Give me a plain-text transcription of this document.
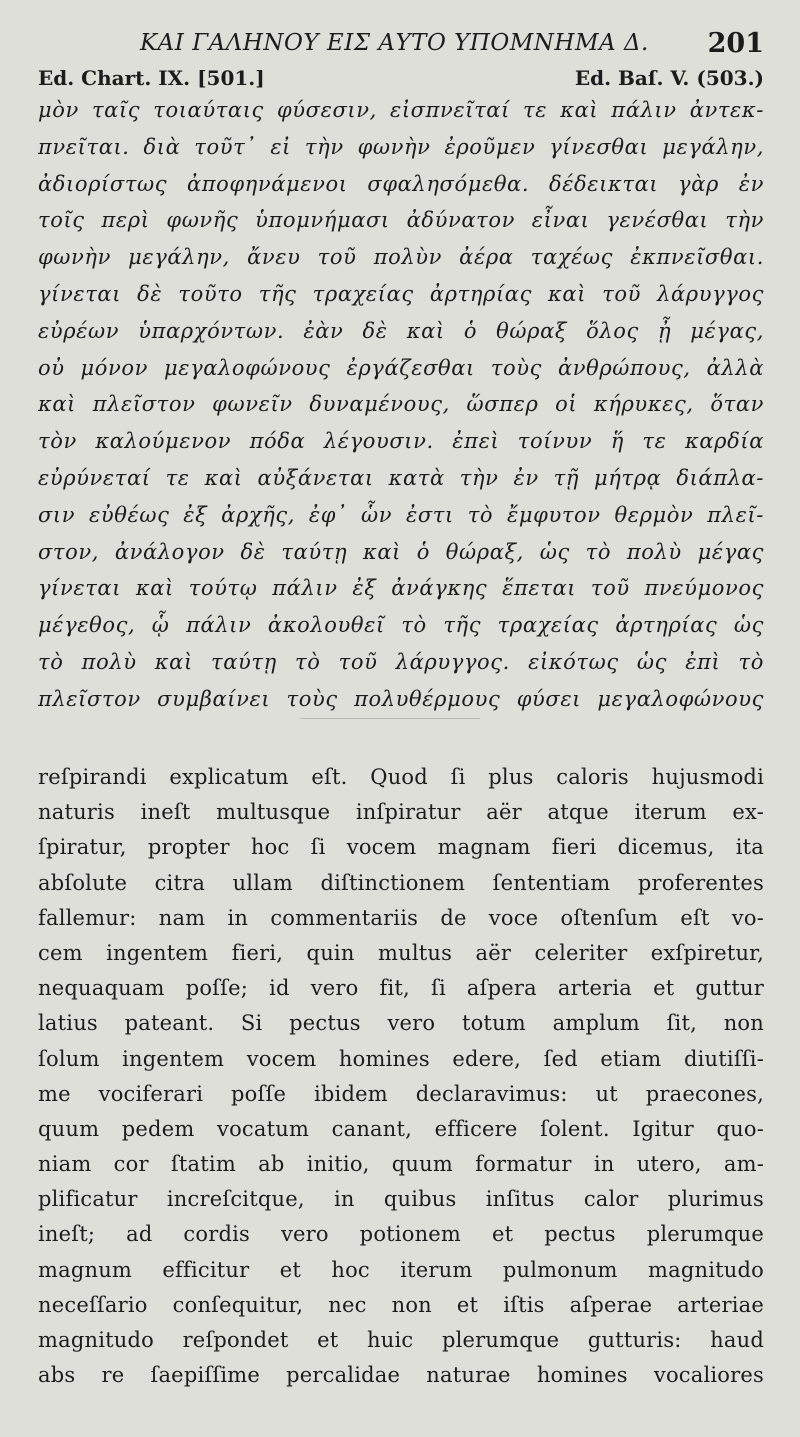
ΚΑΙ ΓΑΛΗΝΟΥ ΕΙΣ ΑΥΤΟ ΥΠΟΜΝΗΜΑ Δ. 201
Ed. Chart. IX. [501.]	Ed. Baſ. V. (503.)
μὸν ταῖς τοιαύταις φύσεσιν, εἰσπνεῖταί τε καὶ πάλιν ἀντεκ-
πνεῖται. διὰ τοῦτ᾽ εἰ τὴν φωνὴν ἐροῦμεν γίνεσθαι μεγάλην,
ἀδιορίστως ἀποφηνάμενοι σφαλησόμεθα. δέδεικται γὰρ ἐν
τοῖς περὶ φωνῆς ὑπομνήμασι ἀδύνατον εἶναι γενέσθαι τὴν
φωνὴν μεγάλην, ἄνευ τοῦ πολὺν ἀέρα ταχέως ἐκπνεῖσθαι.
γίνεται δὲ τοῦτο τῆς τραχείας ἀρτηρίας καὶ τοῦ λάρυγγος
εὐρέων ὑπαρχόντων. ἐὰν δὲ καὶ ὁ θώραξ ὅλος ᾖ μέγας,
οὐ μόνον μεγαλοφώνους ἐργάζεσθαι τοὺς ἀνθρώπους, ἀλλὰ
καὶ πλεῖστον φωνεῖν δυναμένους, ὥσπερ οἱ κήρυκες, ὅταν
τὸν καλούμενον πόδα λέγουσιν. ἐπεὶ τοίνυν ἥ τε καρδία
εὐρύνεταί τε καὶ αὐξάνεται κατὰ τὴν ἐν τῇ μήτρᾳ διάπλα-
σιν εὐθέως ἐξ ἀρχῆς, ἐφ᾽ ὧν ἐστι τὸ ἔμφυτον θερμὸν πλεῖ-
στον, ἀνάλογον δὲ ταύτῃ καὶ ὁ θώραξ, ὡς τὸ πολὺ μέγας
γίνεται καὶ τούτῳ πάλιν ἐξ ἀνάγκης ἕπεται τοῦ πνεύμονος
μέγεθος, ᾧ πάλιν ἀκολουθεῖ τὸ τῆς τραχείας ἀρτηρίας ὡς
τὸ πολὺ καὶ ταύτῃ τὸ τοῦ λάρυγγος. εἰκότως ὡς ἐπὶ τὸ
πλεῖστον συμβαίνει τοὺς πολυθέρμους φύσει μεγαλοφώνους
reſpirandi explicatum eſt. Quod ſi plus caloris hujusmodi
naturis ineſt multusque inſpiratur aër atque iterum ex-
ſpiratur, propter hoc ſi vocem magnam fieri dicemus, ita
abſolute citra ullam diſtinctionem ſententiam proferentes
fallemur: nam in commentariis de voce oſtenſum eſt vo-
cem ingentem fieri, quin multus aër celeriter exſpiretur,
nequaquam poſſe; id vero fit, ſi aſpera arteria et guttur
latius pateant. Si pectus vero totum amplum ſit, non
ſolum ingentem vocem homines edere, ſed etiam diutiſſi-
me vociferari poſſe ibidem declaravimus: ut praecones,
quum pedem vocatum canant, efficere ſolent. Igitur quo-
niam cor ſtatim ab initio, quum formatur in utero, am-
plificatur increſcitque, in quibus inſitus calor plurimus
ineſt; ad cordis vero potionem et pectus plerumque
magnum efficitur et hoc iterum pulmonum magnitudo
neceſſario conſequitur, nec non et iſtis aſperae arteriae
magnitudo reſpondet et huic plerumque gutturis: haud
abs re ſaepiſſime percalidae naturae homines vocaliores
